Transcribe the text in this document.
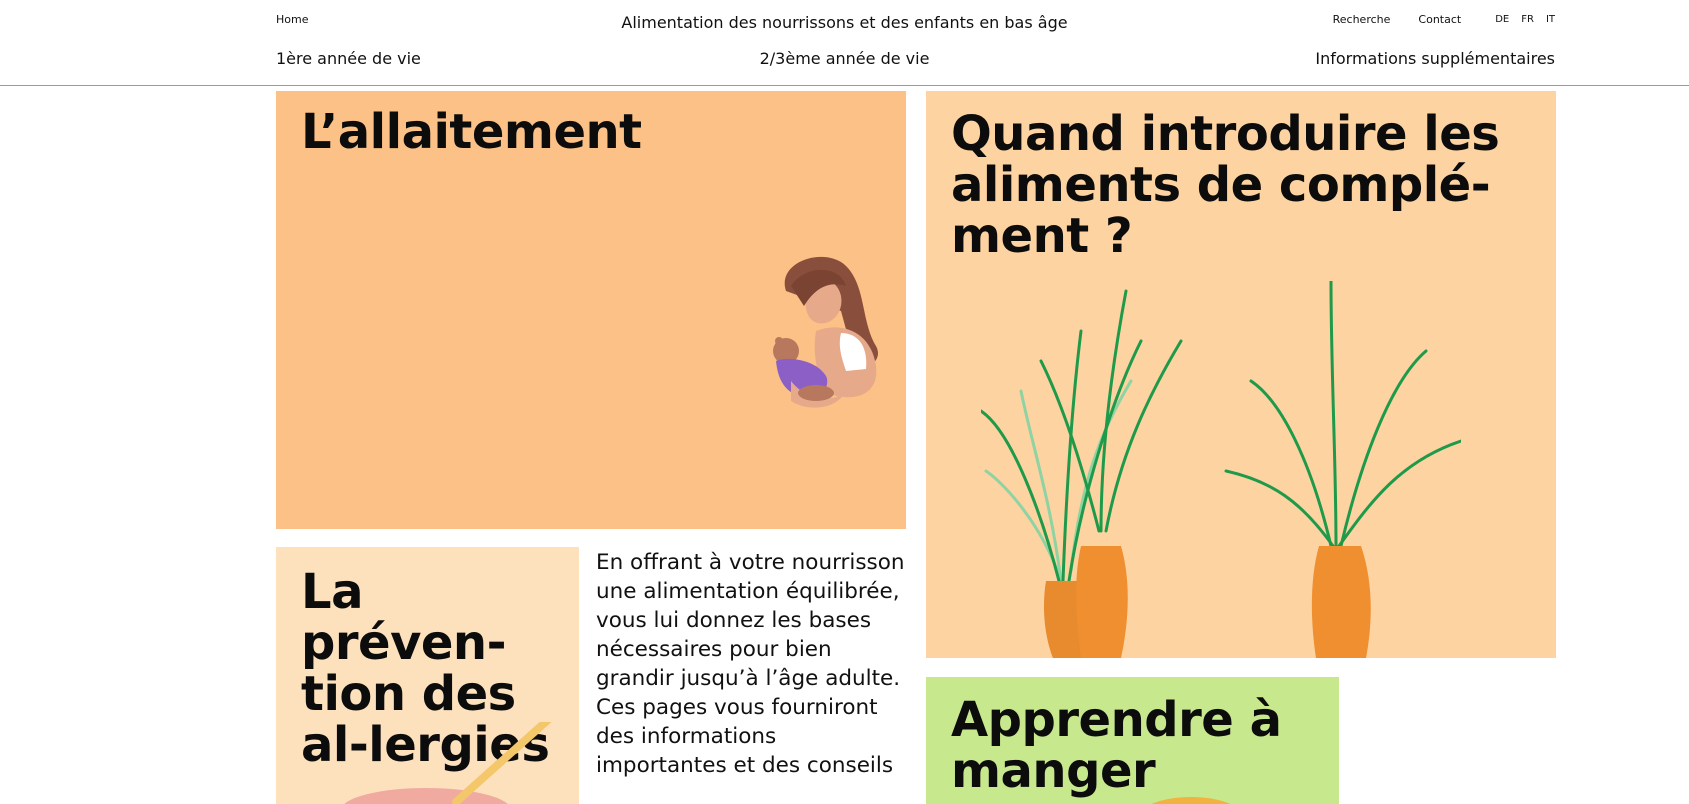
Home	Alimentation des nourrissons et des enfants en bas âge	Recherche	Contact	DE FR IT
1ère année de vie	2/3ème année de vie	Informations supplémentaires
L’allaitement	Quand introduire les aliments de complé-ment ?
La préven-tion des al-lergies

En offrant à votre nourrisson une alimentation équilibrée, vous lui donnez les bases nécessaires pour bien grandir jusqu’à l’âge adulte. Ces pages vous fourniront des informations importantes et des conseils

Apprendre à manger
